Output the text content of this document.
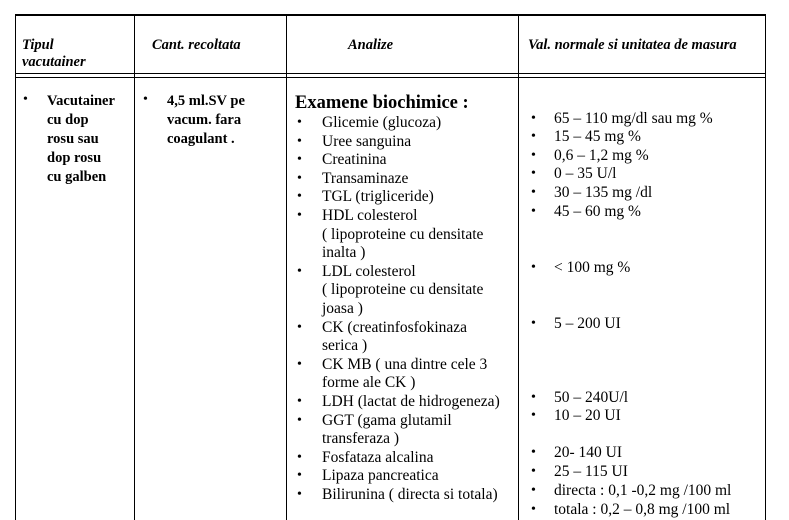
Tipul vacutainer
Cant. recoltata	Analize	Val. normale si unitatea de masura
• Vacutainer
cu dop
rosu sau
dop rosu
cu galben
• 4,5 ml.SV pe
vacum. fara
coagulant .
Examene biochimice :
• Glicemie (glucoza)
• Uree sanguina
• Creatinina
• Transaminaze
• TGL (trigliceride)
• HDL colesterol
( lipoproteine cu densitate
inalta )
• LDL colesterol
( lipoproteine cu densitate
joasa )
• CK (creatinfosfokinaza
serica )
• CK MB ( una dintre cele 3
forme ale CK )
• LDH (lactat de hidrogeneza)
• GGT (gama glutamil
transferaza )
• Fosfataza alcalina
• Lipaza pancreatica
• Bilirunina ( directa si totala)
• 65 – 110 mg/dl sau mg %
• 15 – 45 mg %
• 0,6 – 1,2 mg %
• 0 – 35 U/l
• 30 – 135 mg /dl
• 45 – 60 mg %
• < 100 mg %
• 5 – 200 UI
• 50 – 240U/l
• 10 – 20 UI
• 20- 140 UI
• 25 – 115 UI
• directa : 0,1 -0,2 mg /100 ml
• totala : 0,2 – 0,8 mg /100 ml
